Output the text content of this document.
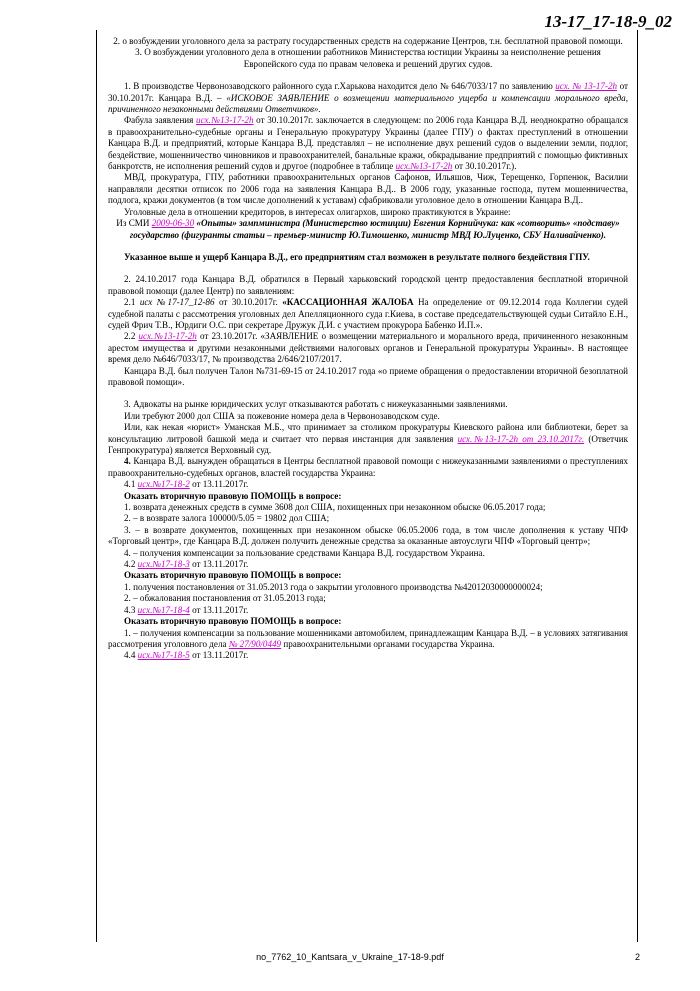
13-17_17-18-9_02

2. о возбуждении уголовного дела за растрату государственных средств на содержание Центров, т.н. бесплатной правовой помощи.

3. О возбуждении уголовного дела в отношении работников Министерства юстиции Украины за неисполнение решения Европейского суда по правам человека и решений других судов.

1. В производстве Червонозаводского районного суда г.Харькова находится дело № 646/7033/17 по заявлению исх. № 13-17-2h от 30.10.2017г. Канцара В.Д. – «ИСКОВОЕ ЗАЯВЛЕНИЕ о возмещении материального ущерба и компенсации морального вреда, причиненного незаконными действиями Ответчиков».

Фабула заявления исх.№13-17-2h от 30.10.2017г. заключается в следующем: по 2006 года Канцара В.Д. неоднократно обращался в правоохранительно-судебные органы и Генеральную прокуратуру Украины (далее ГПУ) о фактах преступлений в отношении Канцара В.Д. и предприятий, которые Канцара В.Д. представлял – не исполнение двух решений судов о выделении земли, подлог, бездействие, мошенничество чиновников и правоохранителей, банальные кражи, обкрадывание предприятий с помощью фиктивных банкротств, не исполнения решений судов и другое (подробнее в таблице исх.№13-17-2h от 30.10.2017г.).

МВД, прокуратура, ГПУ, работники правоохранительных органов Сафонов, Ильяшов, Чиж, Терещенко, Горпенюк, Василии направляли десятки отписок по 2006 года на заявления Канцара В.Д.. В 2006 году, указанные господа, путем мошенничества, подлога, кражи документов (в том числе дополнений к уставам) сфабриковали уголовное дело в отношении Канцара В.Д..

Уголовные дела в отношении кредиторов, в интересах олигархов, широко практикуются в Украине:

Из СМИ 2009-06-30 «Опыты» зампминистра (Министерство юстиции) Евгения Корнийчука: как «сотворить» «подставу» государство (фигуранты статьи – премьер-министр Ю.Тимошенко, министр МВД Ю.Луценко, СБУ Наливайченко).

Указанное выше и ущерб Канцара В.Д., его предприятиям стал возможен в результате полного бездействия ГПУ.

2. 24.10.2017 года Канцара В.Д. обратился в Первый харьковский городской центр предоставления бесплатной вторичной правовой помощи (далее Центр) по заявлениям:

2.1 исх №17-17_12-86 от 30.10.2017г. «КАССАЦИОННАЯ ЖАЛОБА На определение от 09.12.2014 года Коллегии судей судебной палаты с рассмотрения уголовных дел Апелляционного суда г.Киева, в составе председательствующей судьи Ситайло Е.Н., судей Фрич Т.В., Юрдиги О.С. при секретаре Дружук Д.И. с участием прокурора Бабенко И.П.».

2.2 исх.№13-17-2h от 23.10.2017г. «ЗАЯВЛЕНИЕ о возмещении материального и морального вреда, причиненного незаконным арестом имущества и другими незаконными действиями налоговых органов и Генеральной прокуратуры Украины». В настоящее время дело №646/7033/17, № производства 2/646/2107/2017.

Канцара В.Д. был получен Талон №731-69-15 от 24.10.2017 года «о приеме обращения о предоставлении вторичной безоплатной правовой помощи».

3. Адвокаты на рынке юридических услуг отказываются работать с нижеуказанными заявлениями.

Или требуют 2000 дол США за пожевоние номера дела в Червонозаводском суде.

Или, как некая «юрист» Уманская М.Б., что принимает за столиком прокуратуры Киевского района или библиотеки, берет за консультацию литровой башкой меда и считает что первая инстанция для заявления исх.№13-17-2h от 23.10.2017г. (Ответчик Генпрокуратура) является Верховный суд.

4. Канцара В.Д. вынужден обращаться в Центры бесплатной правовой помощи с нижеуказанными заявлениями о преступлениях правоохранительно-судебных органов, властей государства Украина:

4.1 исх.№17-18-2 от 13.11.2017г.

Оказать вторичную правовую ПОМОЩЬ в вопросе:

1. возврата денежных средств в сумме 3608 дол США, похищенных при незаконном обыске 06.05.2017 года;

2. – в возврате залога 100000/5.05 = 19802 дол США;

3. – в возврате документов, похищенных при незаконном обыске 06.05.2006 года, в том числе дополнения к уставу ЧПФ «Торговый центр», где Канцара В.Д. должен получить денежные средства за оказанные автоуслуги ЧПФ «Торговый центр»;

4. – получения компенсации за пользование средствами Канцара В.Д. государством Украина.

4.2 исх.№17-18-3 от 13.11.2017г.

Оказать вторичную правовую ПОМОЩЬ в вопросе:

1. получения постановления от 31.05.2013 года о закрытии уголовного производства №42012030000000024;

2. – обжалования постановления от 31.05.2013 года;

4.3 исх.№17-18-4 от 13.11.2017г.

Оказать вторичную правовую ПОМОЩЬ в вопросе:

1. – получения компенсации за пользование мошенниками автомобилем, принадлежащим Канцара В.Д. – в условиях затягивания рассмотрения уголовного дела № 27/90/0449 правоохранительными органами государства Украина.

4.4 исх.№17-18-5 от 13.11.2017г.

no_7762_10_Kantsara_v_Ukraine_17-18-9.pdf	2
